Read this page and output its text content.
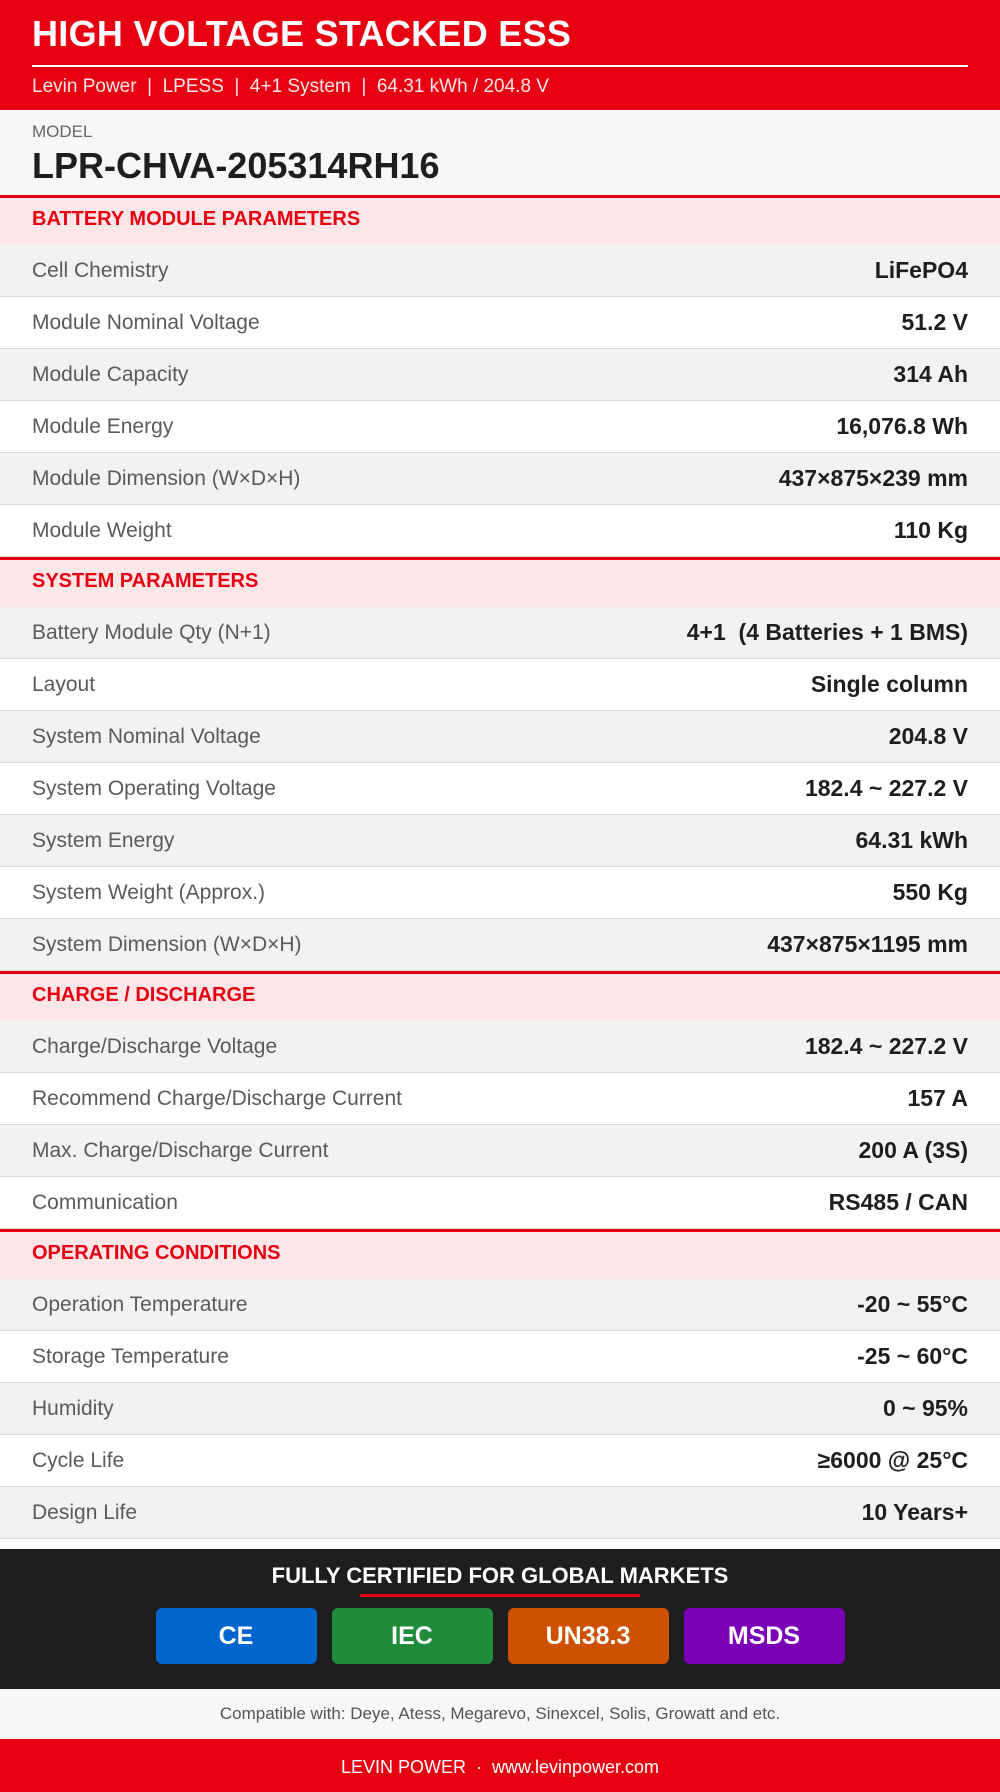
HIGH VOLTAGE STACKED ESS
Levin Power  |  LPESS  |  4+1 System  |  64.31 kWh / 204.8 V
MODEL
LPR-CHVA-205314RH16
BATTERY MODULE PARAMETERS
Cell Chemistry	LiFePO4
Module Nominal Voltage	51.2 V
Module Capacity	314 Ah
Module Energy	16,076.8 Wh
Module Dimension (W×D×H)	437×875×239 mm
Module Weight	110 Kg
SYSTEM PARAMETERS
Battery Module Qty (N+1)	4+1  (4 Batteries + 1 BMS)
Layout	Single column
System Nominal Voltage	204.8 V
System Operating Voltage	182.4 ~ 227.2 V
System Energy	64.31 kWh
System Weight (Approx.)	550 Kg
System Dimension (W×D×H)	437×875×1195 mm
CHARGE / DISCHARGE
Charge/Discharge Voltage	182.4 ~ 227.2 V
Recommend Charge/Discharge Current	157 A
Max. Charge/Discharge Current	200 A (3S)
Communication	RS485 / CAN
OPERATING CONDITIONS
Operation Temperature	-20 ~ 55°C
Storage Temperature	-25 ~ 60°C
Humidity	0 ~ 95%
Cycle Life	≥6000 @ 25°C
Design Life	10 Years+
FULLY CERTIFIED FOR GLOBAL MARKETS
CE	IEC	UN38.3	MSDS
Compatible with: Deye, Atess, Megarevo, Sinexcel, Solis, Growatt and etc.
LEVIN POWER  ·  www.levinpower.com
